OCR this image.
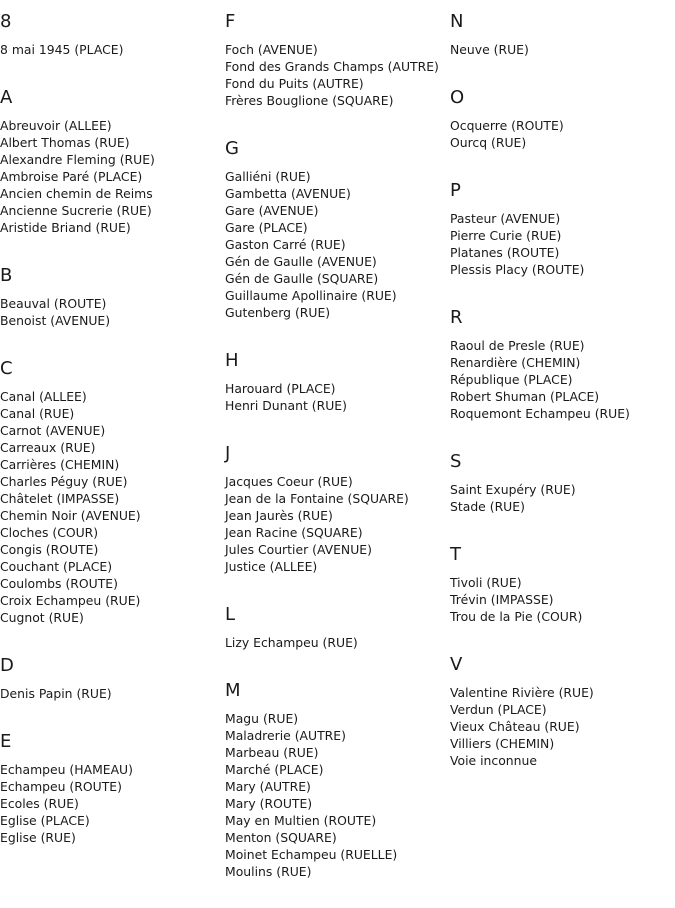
8
8 mai 1945 (PLACE)
A
Abreuvoir (ALLEE)
Albert Thomas (RUE)
Alexandre Fleming (RUE)
Ambroise Paré (PLACE)
Ancien chemin de Reims
Ancienne Sucrerie (RUE)
Aristide Briand (RUE)
B
Beauval (ROUTE)
Benoist (AVENUE)
C
Canal (ALLEE)
Canal (RUE)
Carnot (AVENUE)
Carreaux (RUE)
Carrières (CHEMIN)
Charles Péguy (RUE)
Châtelet (IMPASSE)
Chemin Noir (AVENUE)
Cloches (COUR)
Congis (ROUTE)
Couchant (PLACE)
Coulombs (ROUTE)
Croix Echampeu (RUE)
Cugnot (RUE)
D
Denis Papin (RUE)
E
Echampeu (HAMEAU)
Echampeu (ROUTE)
Ecoles (RUE)
Eglise (PLACE)
Eglise (RUE)
F
Foch (AVENUE)
Fond des Grands Champs (AUTRE)
Fond du Puits (AUTRE)
Frères Bouglione (SQUARE)
G
Galliéni (RUE)
Gambetta (AVENUE)
Gare (AVENUE)
Gare (PLACE)
Gaston Carré (RUE)
Gén de Gaulle (AVENUE)
Gén de Gaulle (SQUARE)
Guillaume Apollinaire (RUE)
Gutenberg (RUE)
H
Harouard (PLACE)
Henri Dunant (RUE)
J
Jacques Coeur (RUE)
Jean de la Fontaine (SQUARE)
Jean Jaurès (RUE)
Jean Racine (SQUARE)
Jules Courtier (AVENUE)
Justice (ALLEE)
L
Lizy Echampeu (RUE)
M
Magu (RUE)
Maladrerie (AUTRE)
Marbeau (RUE)
Marché (PLACE)
Mary (AUTRE)
Mary (ROUTE)
May en Multien (ROUTE)
Menton (SQUARE)
Moinet Echampeu (RUELLE)
Moulins (RUE)
N
Neuve (RUE)
O
Ocquerre (ROUTE)
Ourcq (RUE)
P
Pasteur (AVENUE)
Pierre Curie (RUE)
Platanes (ROUTE)
Plessis Placy (ROUTE)
R
Raoul de Presle (RUE)
Renardière (CHEMIN)
République (PLACE)
Robert Shuman (PLACE)
Roquemont Echampeu (RUE)
S
Saint Exupéry (RUE)
Stade (RUE)
T
Tivoli (RUE)
Trévin (IMPASSE)
Trou de la Pie (COUR)
V
Valentine Rivière (RUE)
Verdun (PLACE)
Vieux Château (RUE)
Villiers (CHEMIN)
Voie inconnue
